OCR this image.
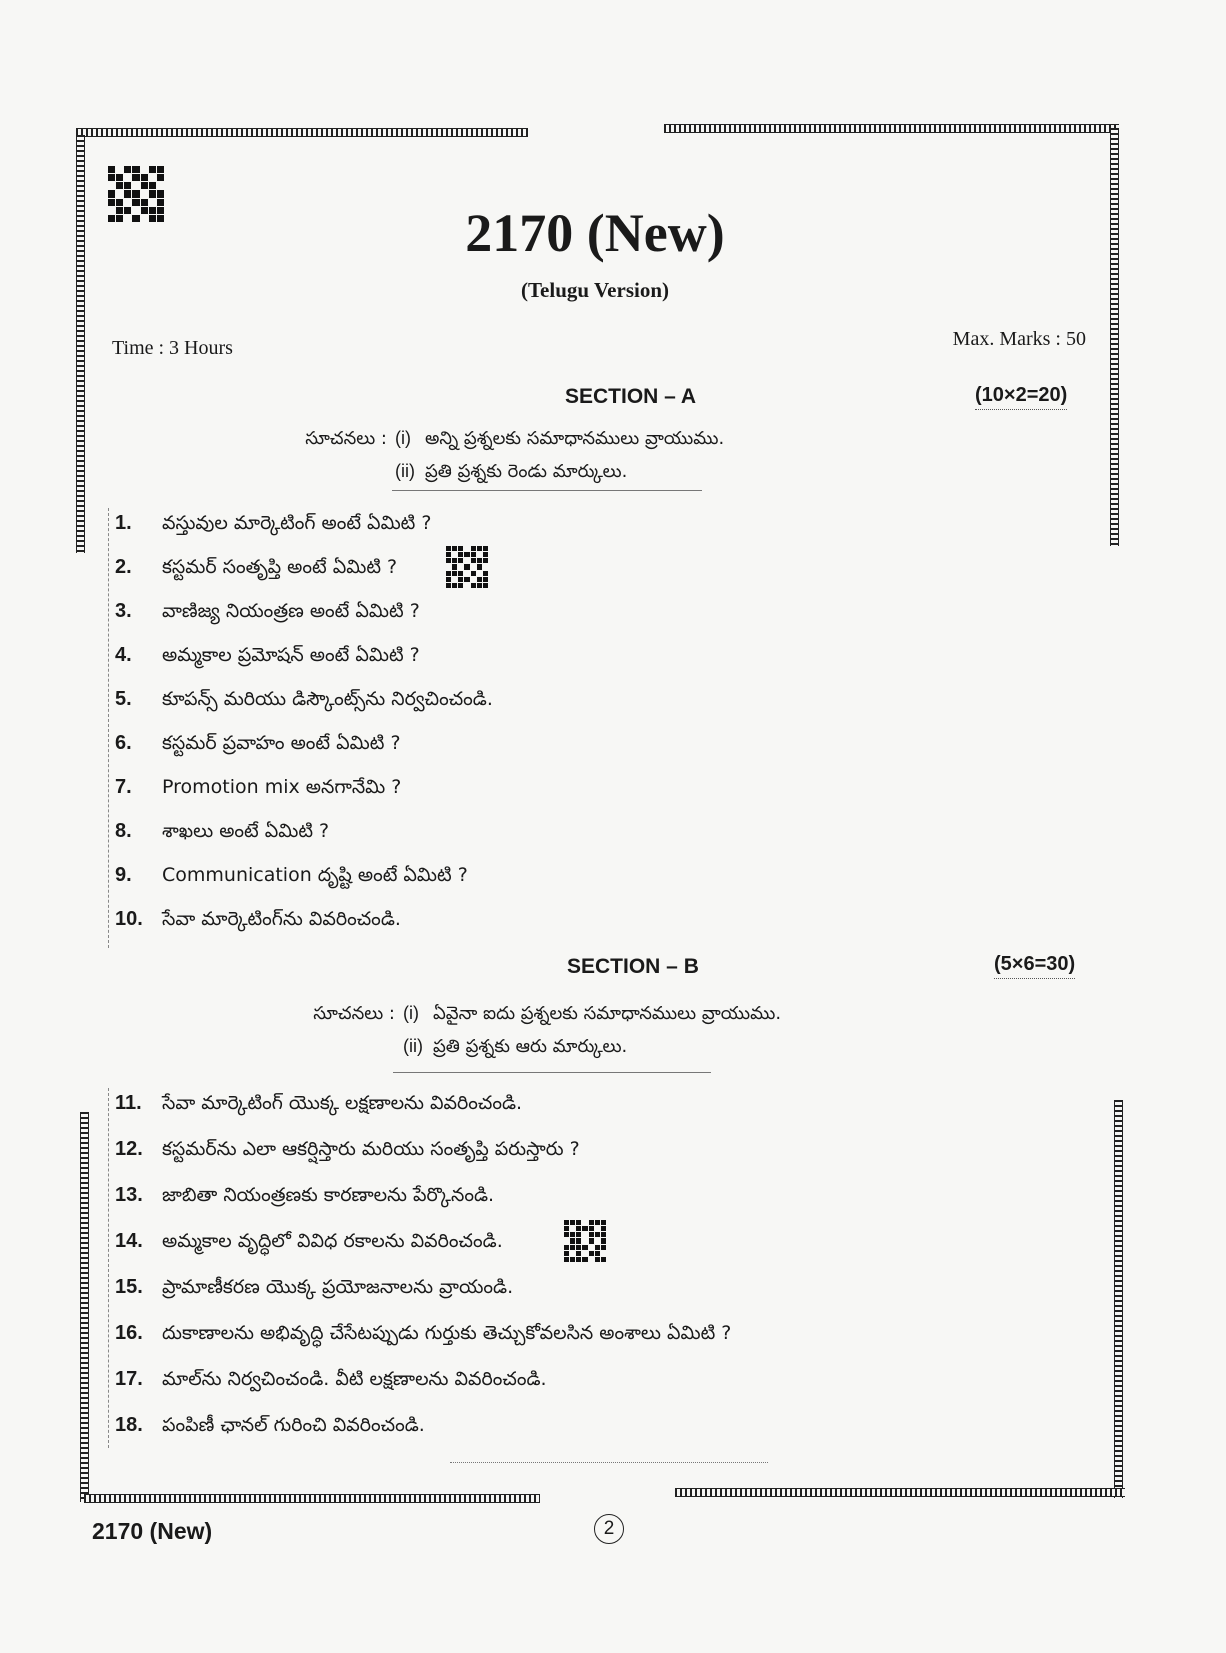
2170 (New)
(Telugu Version)
Time : 3 Hours	Max. Marks : 50
SECTION – A	(10×2=20)
సూచనలు : (i) అన్ని ప్రశ్నలకు సమాధానములు వ్రాయుము.
(ii) ప్రతి ప్రశ్నకు రెండు మార్కులు.
1. వస్తువుల మార్కెటింగ్ అంటే ఏమిటి ?
2. కస్టమర్ సంతృప్తి అంటే ఏమిటి ?
3. వాణిజ్య నియంత్రణ అంటే ఏమిటి ?
4. అమ్మకాల ప్రమోషన్ అంటే ఏమిటి ?
5. కూపన్స్ మరియు డిస్కౌంట్స్‌ను నిర్వచించండి.
6. కస్టమర్ ప్రవాహం అంటే ఏమిటి ?
7. Promotion mix అనగానేమి ?
8. శాఖలు అంటే ఏమిటి ?
9. Communication దృష్టి అంటే ఏమిటి ?
10. సేవా మార్కెటింగ్‌ను వివరించండి.
SECTION – B	(5×6=30)
సూచనలు : (i) ఏవైనా ఐదు ప్రశ్నలకు సమాధానములు వ్రాయుము.
(ii) ప్రతి ప్రశ్నకు ఆరు మార్కులు.
11. సేవా మార్కెటింగ్ యొక్క లక్షణాలను వివరించండి.
12. కస్టమర్‌ను ఎలా ఆకర్షిస్తారు మరియు సంతృప్తి పరుస్తారు ?
13. జాబితా నియంత్రణకు కారణాలను పేర్కొనండి.
14. అమ్మకాల వృద్ధిలో వివిధ రకాలను వివరించండి.
15. ప్రామాణీకరణ యొక్క ప్రయోజనాలను వ్రాయండి.
16. దుకాణాలను అభివృద్ధి చేసేటప్పుడు గుర్తుకు తెచ్చుకోవలసిన అంశాలు ఏమిటి ?
17. మాల్‌ను నిర్వచించండి. వీటి లక్షణాలను వివరించండి.
18. పంపిణీ ఛానల్ గురించి వివరించండి.
2170 (New)	2
